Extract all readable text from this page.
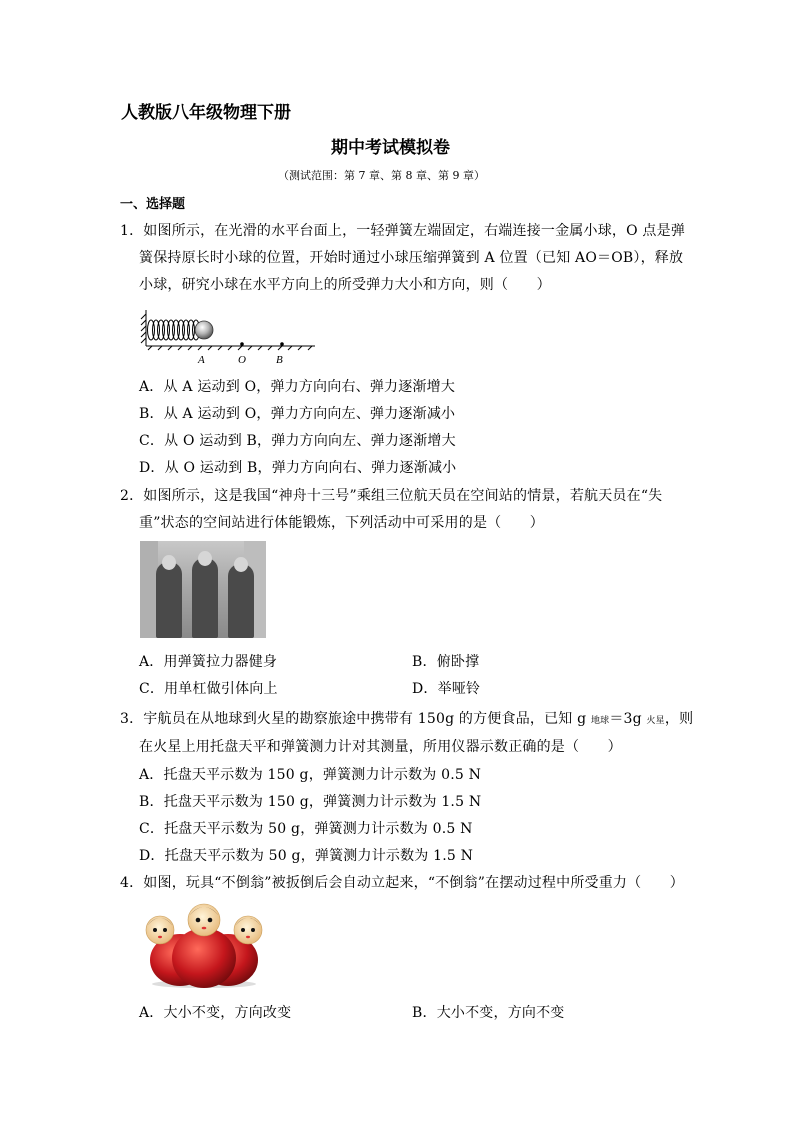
人教版八年级物理下册
期中考试模拟卷
（测试范围：第 7 章、第 8 章、第 9 章）
一、选择题
1．如图所示，在光滑的水平台面上，一轻弹簧左端固定，右端连接一金属小球，O 点是弹
簧保持原长时小球的位置，开始时通过小球压缩弹簧到 A 位置（已知 AO＝OB），释放
小球，研究小球在水平方向上的所受弹力大小和方向，则（　　）
A	O	B
A．从 A 运动到 O，弹力方向向右、弹力逐渐增大
B．从 A 运动到 O，弹力方向向左、弹力逐渐减小
C．从 O 运动到 B，弹力方向向左、弹力逐渐增大
D．从 O 运动到 B，弹力方向向右、弹力逐渐减小
2．如图所示，这是我国“神舟十三号”乘组三位航天员在空间站的情景，若航天员在“失
重”状态的空间站进行体能锻炼，下列活动中可采用的是（　　）
A．用弹簧拉力器健身	B．俯卧撑
C．用单杠做引体向上	D．举哑铃
3．宇航员在从地球到火星的勘察旅途中携带有 150g 的方便食品，已知 g 地球＝3g 火星，则
在火星上用托盘天平和弹簧测力计对其测量，所用仪器示数正确的是（　　）
A．托盘天平示数为 150 g，弹簧测力计示数为 0.5 N
B．托盘天平示数为 150 g，弹簧测力计示数为 1.5 N
C．托盘天平示数为 50 g，弹簧测力计示数为 0.5 N
D．托盘天平示数为 50 g，弹簧测力计示数为 1.5 N
4．如图，玩具“不倒翁”被扳倒后会自动立起来，“不倒翁”在摆动过程中所受重力（　　）
A．大小不变，方向改变	B．大小不变，方向不变
